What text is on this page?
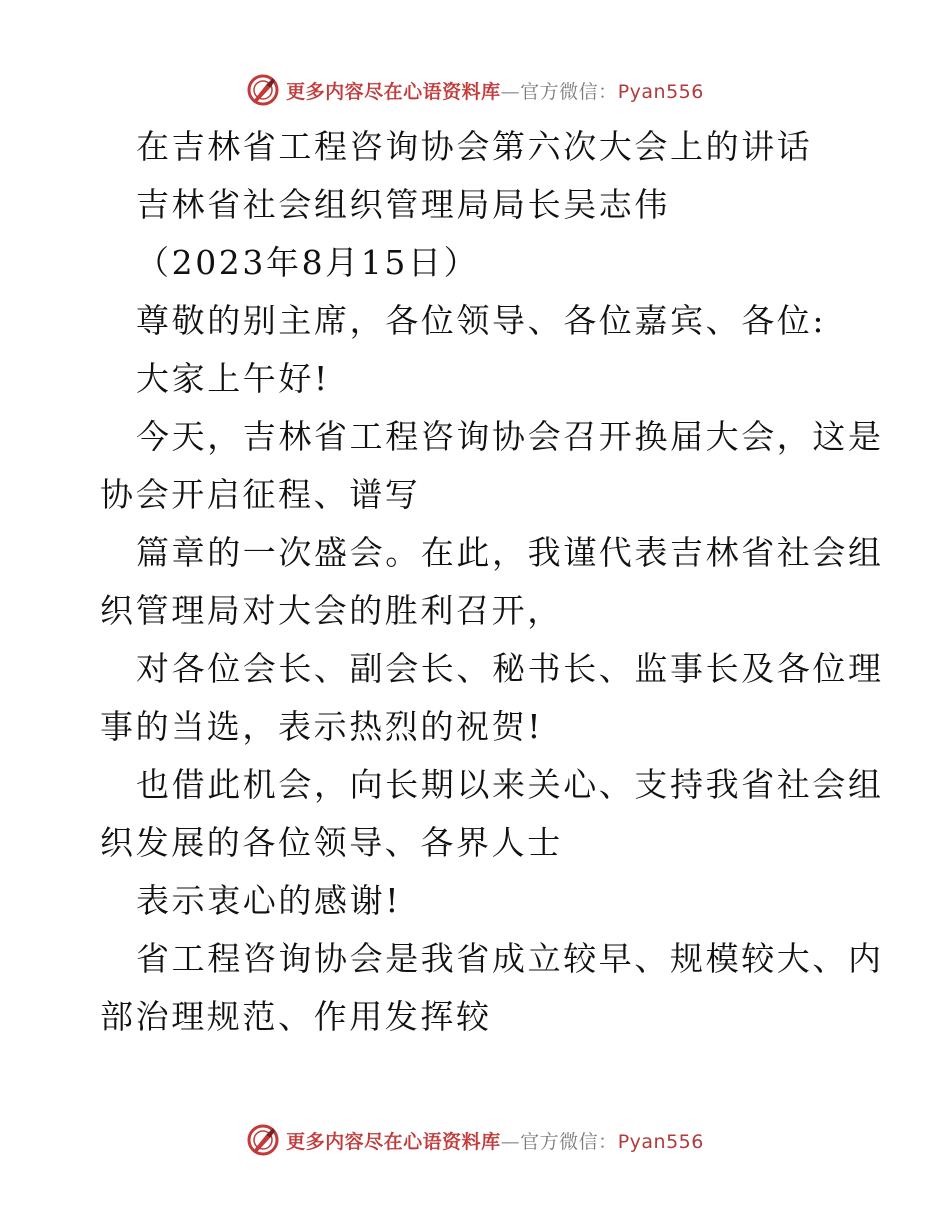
更多内容尽在心语资料库—官方微信：Pyan556
在吉林省工程咨询协会第六次大会上的讲话
吉林省社会组织管理局局长吴志伟
（2023年8月15日）
尊敬的别主席，各位领导、各位嘉宾、各位:
大家上午好!
今天，吉林省工程咨询协会召开换届大会，这是
协会开启征程、谱写
篇章的一次盛会。在此，我谨代表吉林省社会组
织管理局对大会的胜利召开，
对各位会长、副会长、秘书长、监事长及各位理
事的当选，表示热烈的祝贺!
也借此机会，向长期以来关心、支持我省社会组
织发展的各位领导、各界人士
表示衷心的感谢!
省工程咨询协会是我省成立较早、规模较大、内
部治理规范、作用发挥较
更多内容尽在心语资料库—官方微信：Pyan556
